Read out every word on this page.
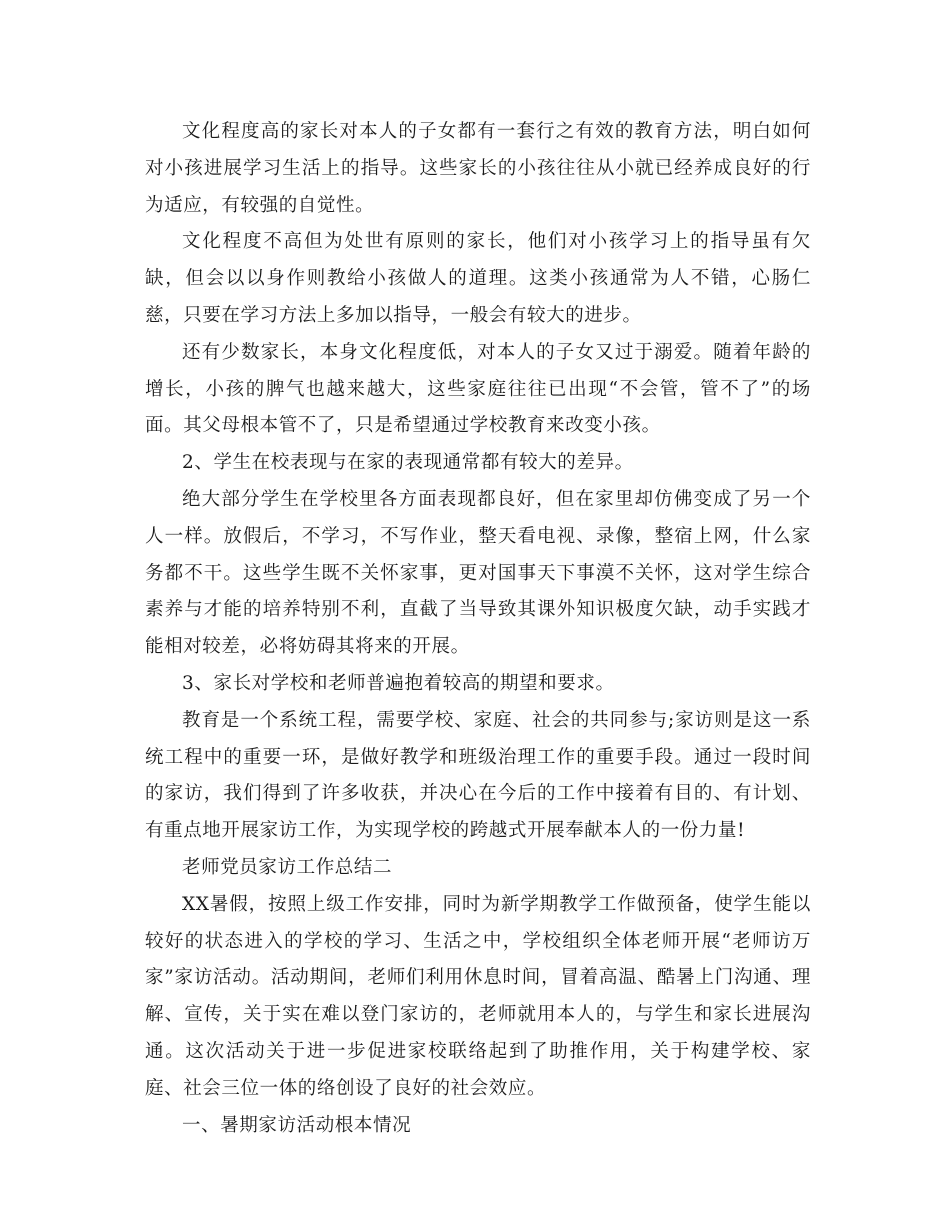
文化程度高的家长对本人的子女都有一套行之有效的教育方法，明白如何对小孩进展学习生活上的指导。这些家长的小孩往往从小就已经养成良好的行为适应，有较强的自觉性。

文化程度不高但为处世有原则的家长，他们对小孩学习上的指导虽有欠缺，但会以以身作则教给小孩做人的道理。这类小孩通常为人不错，心肠仁慈，只要在学习方法上多加以指导，一般会有较大的进步。

还有少数家长，本身文化程度低，对本人的子女又过于溺爱。随着年龄的增长，小孩的脾气也越来越大，这些家庭往往已出现“不会管，管不了”的场面。其父母根本管不了，只是希望通过学校教育来改变小孩。

2、学生在校表现与在家的表现通常都有较大的差异。

绝大部分学生在学校里各方面表现都良好，但在家里却仿佛变成了另一个人一样。放假后，不学习，不写作业，整天看电视、录像，整宿上网，什么家务都不干。这些学生既不关怀家事，更对国事天下事漠不关怀，这对学生综合素养与才能的培养特别不利，直截了当导致其课外知识极度欠缺，动手实践才能相对较差，必将妨碍其将来的开展。

3、家长对学校和老师普遍抱着较高的期望和要求。

教育是一个系统工程，需要学校、家庭、社会的共同参与;家访则是这一系统工程中的重要一环，是做好教学和班级治理工作的重要手段。通过一段时间的家访，我们得到了许多收获，并决心在今后的工作中接着有目的、有计划、有重点地开展家访工作，为实现学校的跨越式开展奉献本人的一份力量!

老师党员家访工作总结二

XX暑假，按照上级工作安排，同时为新学期教学工作做预备，使学生能以较好的状态进入的学校的学习、生活之中，学校组织全体老师开展“老师访万家”家访活动。活动期间，老师们利用休息时间，冒着高温、酷暑上门沟通、理解、宣传，关于实在难以登门家访的，老师就用本人的，与学生和家长进展沟通。这次活动关于进一步促进家校联络起到了助推作用，关于构建学校、家庭、社会三位一体的络创设了良好的社会效应。

一、暑期家访活动根本情况
